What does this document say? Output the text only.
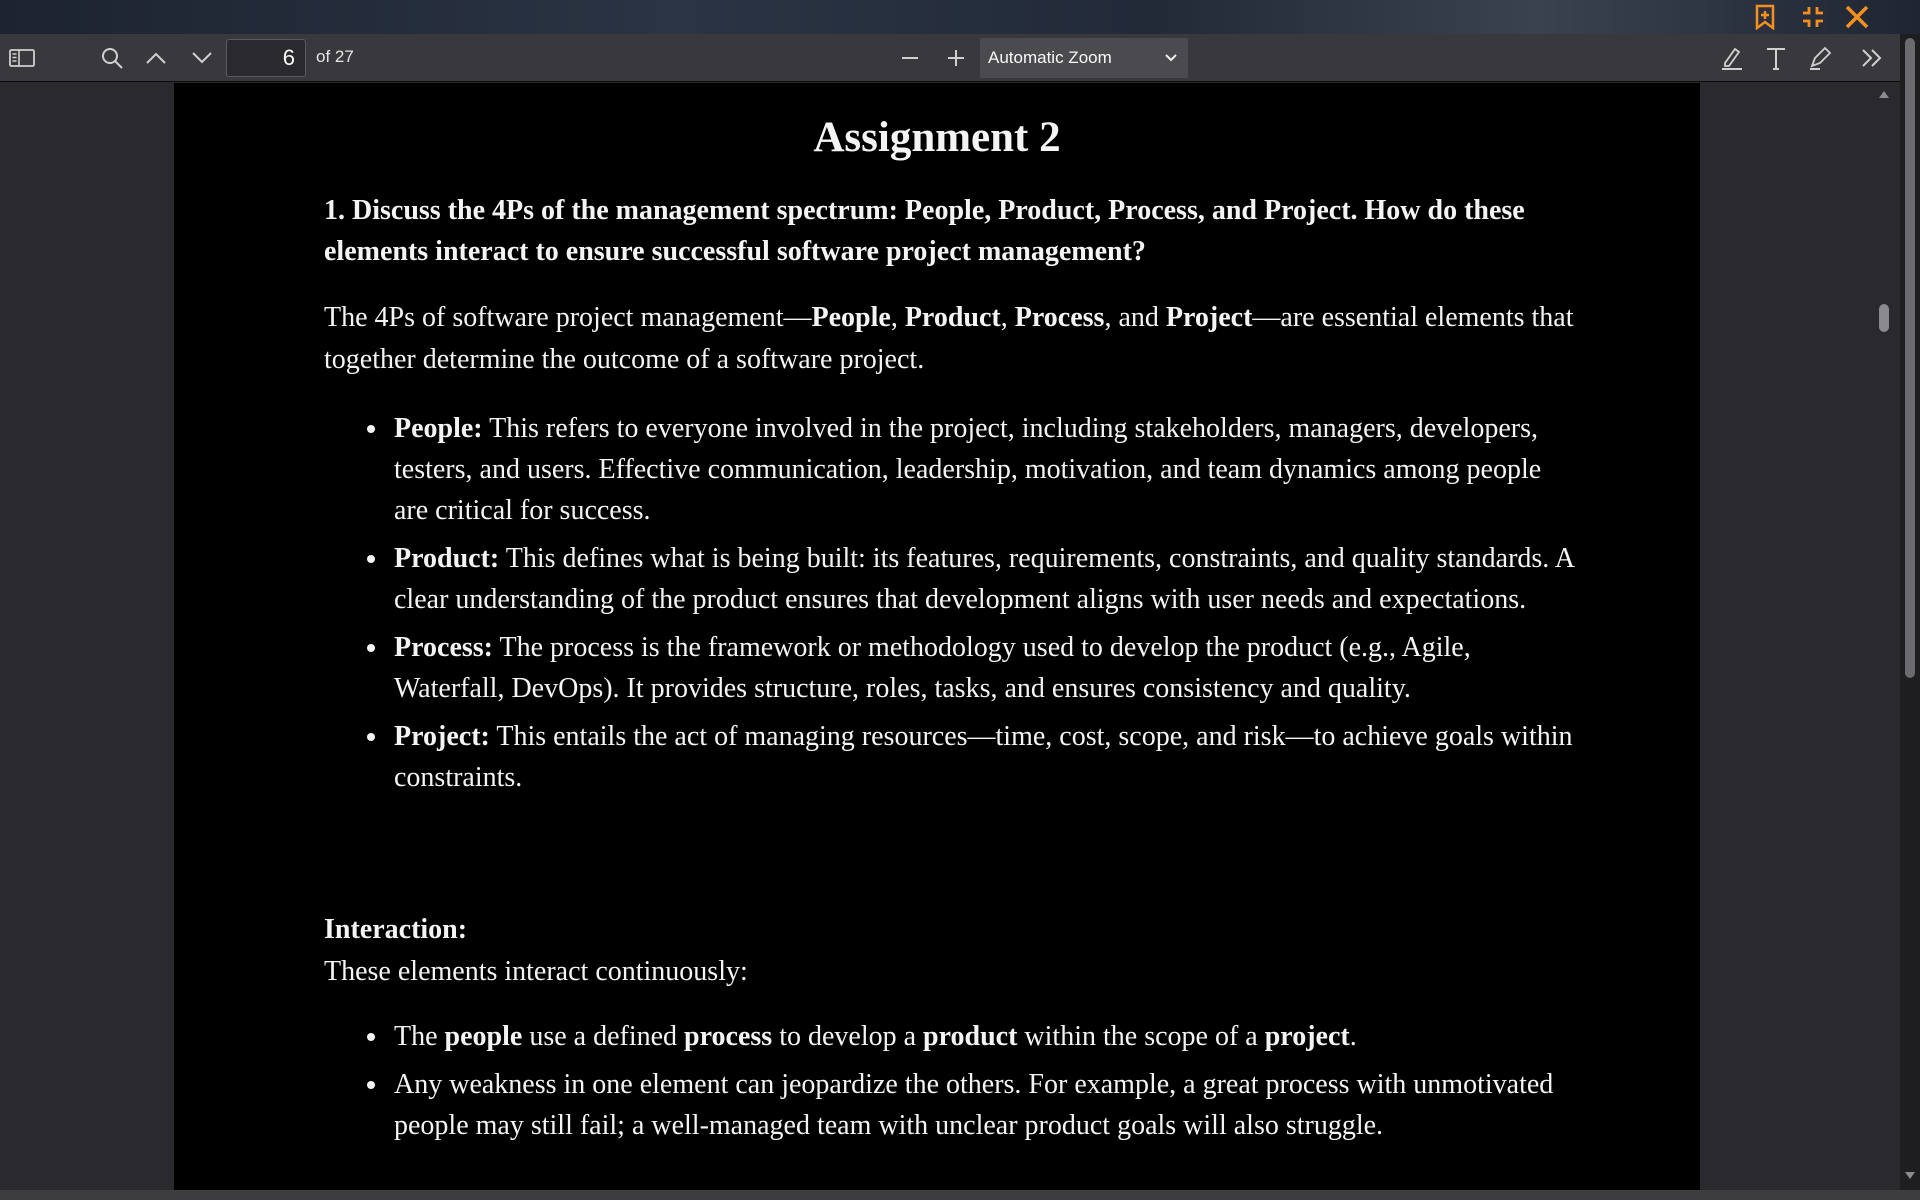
6
of 27	Automatic Zoom
Assignment 2
1. Discuss the 4Ps of the management spectrum: People, Product, Process, and Project. How do these elements interact to ensure successful software project management?
The 4Ps of software project management—People, Product, Process, and Project—are essential elements that together determine the outcome of a software project.
People: This refers to everyone involved in the project, including stakeholders, managers, developers, testers, and users. Effective communication, leadership, motivation, and team dynamics among people are critical for success.
Product: This defines what is being built: its features, requirements, constraints, and quality standards. A clear understanding of the product ensures that development aligns with user needs and expectations.
Process: The process is the framework or methodology used to develop the product (e.g., Agile, Waterfall, DevOps). It provides structure, roles, tasks, and ensures consistency and quality.
Project: This entails the act of managing resources—time, cost, scope, and risk—to achieve goals within constraints.
Interaction:
These elements interact continuously:
The people use a defined process to develop a product within the scope of a project.
Any weakness in one element can jeopardize the others. For example, a great process with unmotivated people may still fail; a well-managed team with unclear product goals will also struggle.
